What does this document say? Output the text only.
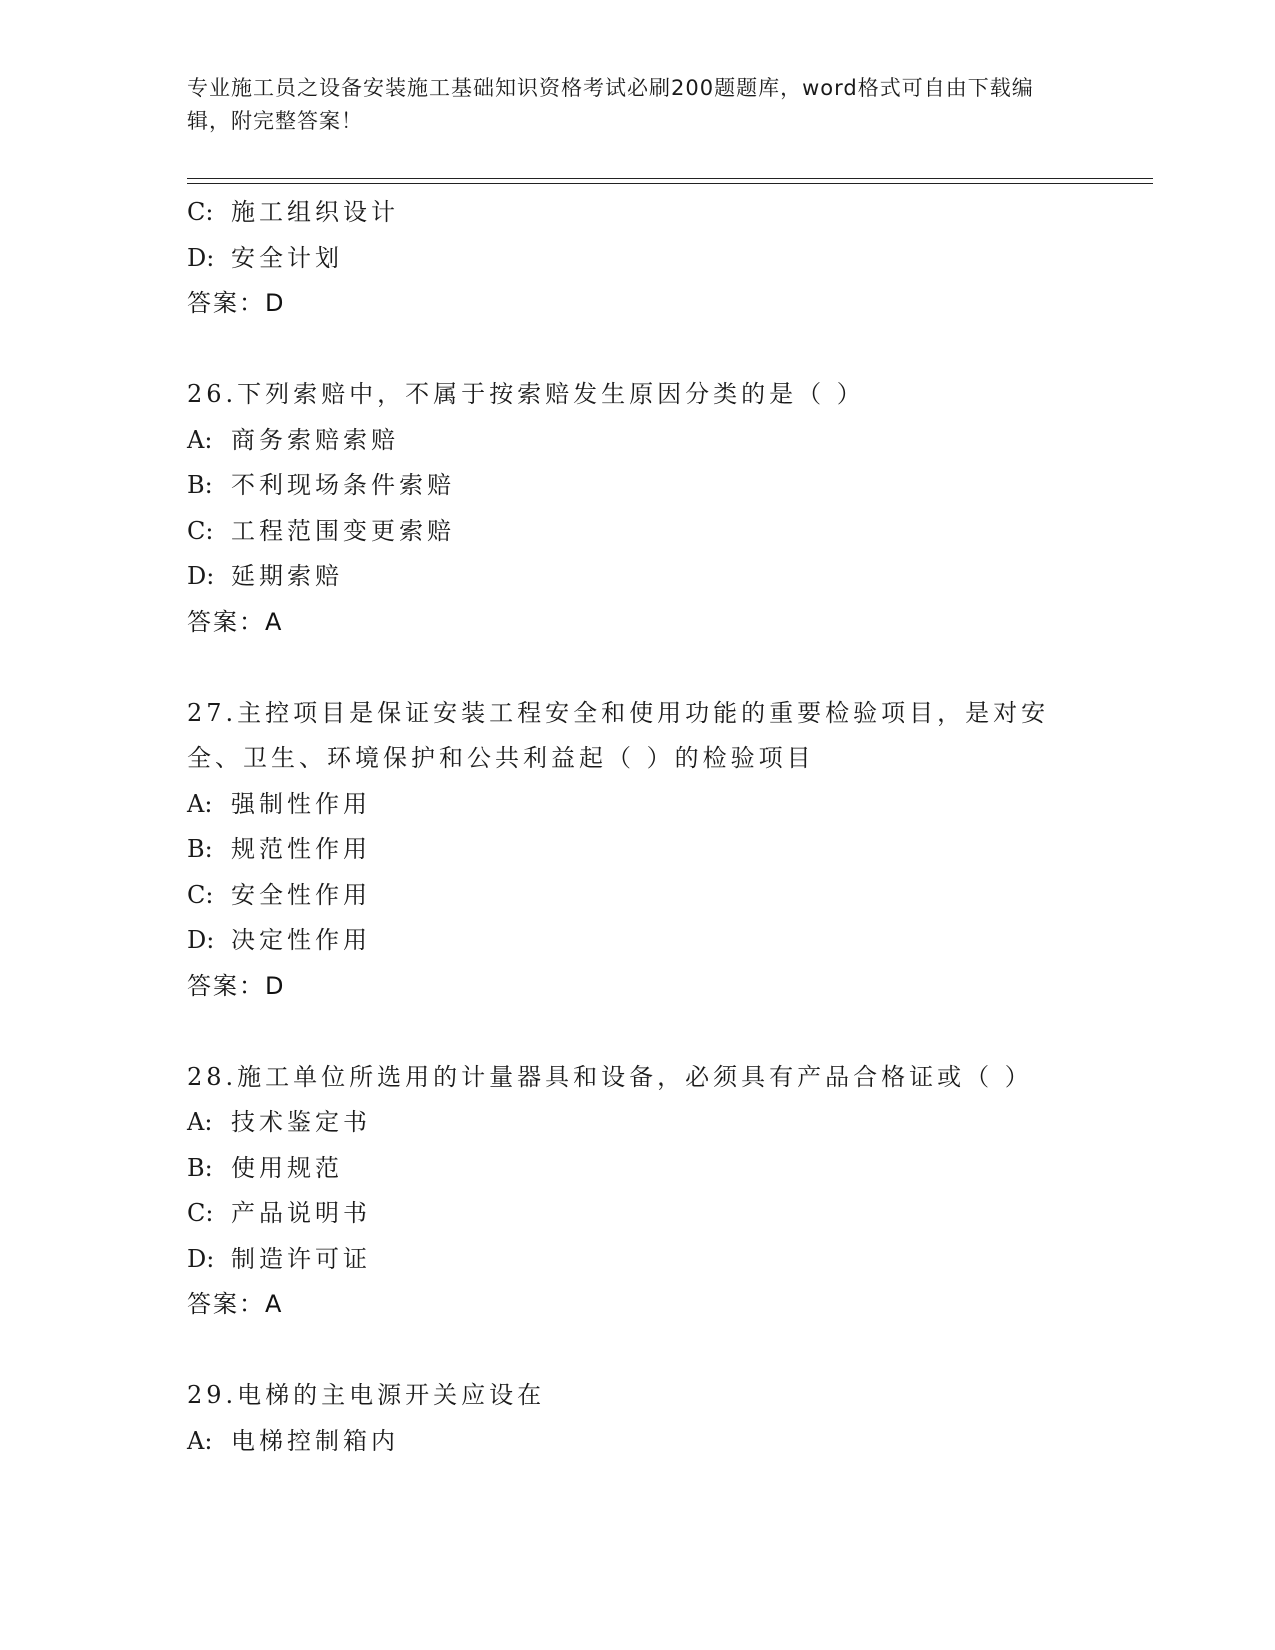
专业施工员之设备安装施工基础知识资格考试必刷200题题库，word格式可自由下载编辑，附完整答案！
C: 施工组织设计
D: 安全计划
答案：D
26.下列索赔中，不属于按索赔发生原因分类的是（ ）
A: 商务索赔索赔
B: 不利现场条件索赔
C: 工程范围变更索赔
D: 延期索赔
答案：A
27.主控项目是保证安装工程安全和使用功能的重要检验项目，是对安全、卫生、环境保护和公共利益起（ ）的检验项目
A: 强制性作用
B: 规范性作用
C: 安全性作用
D: 决定性作用
答案：D
28.施工单位所选用的计量器具和设备，必须具有产品合格证或（ ）
A: 技术鉴定书
B: 使用规范
C: 产品说明书
D: 制造许可证
答案：A
29.电梯的主电源开关应设在
A: 电梯控制箱内
